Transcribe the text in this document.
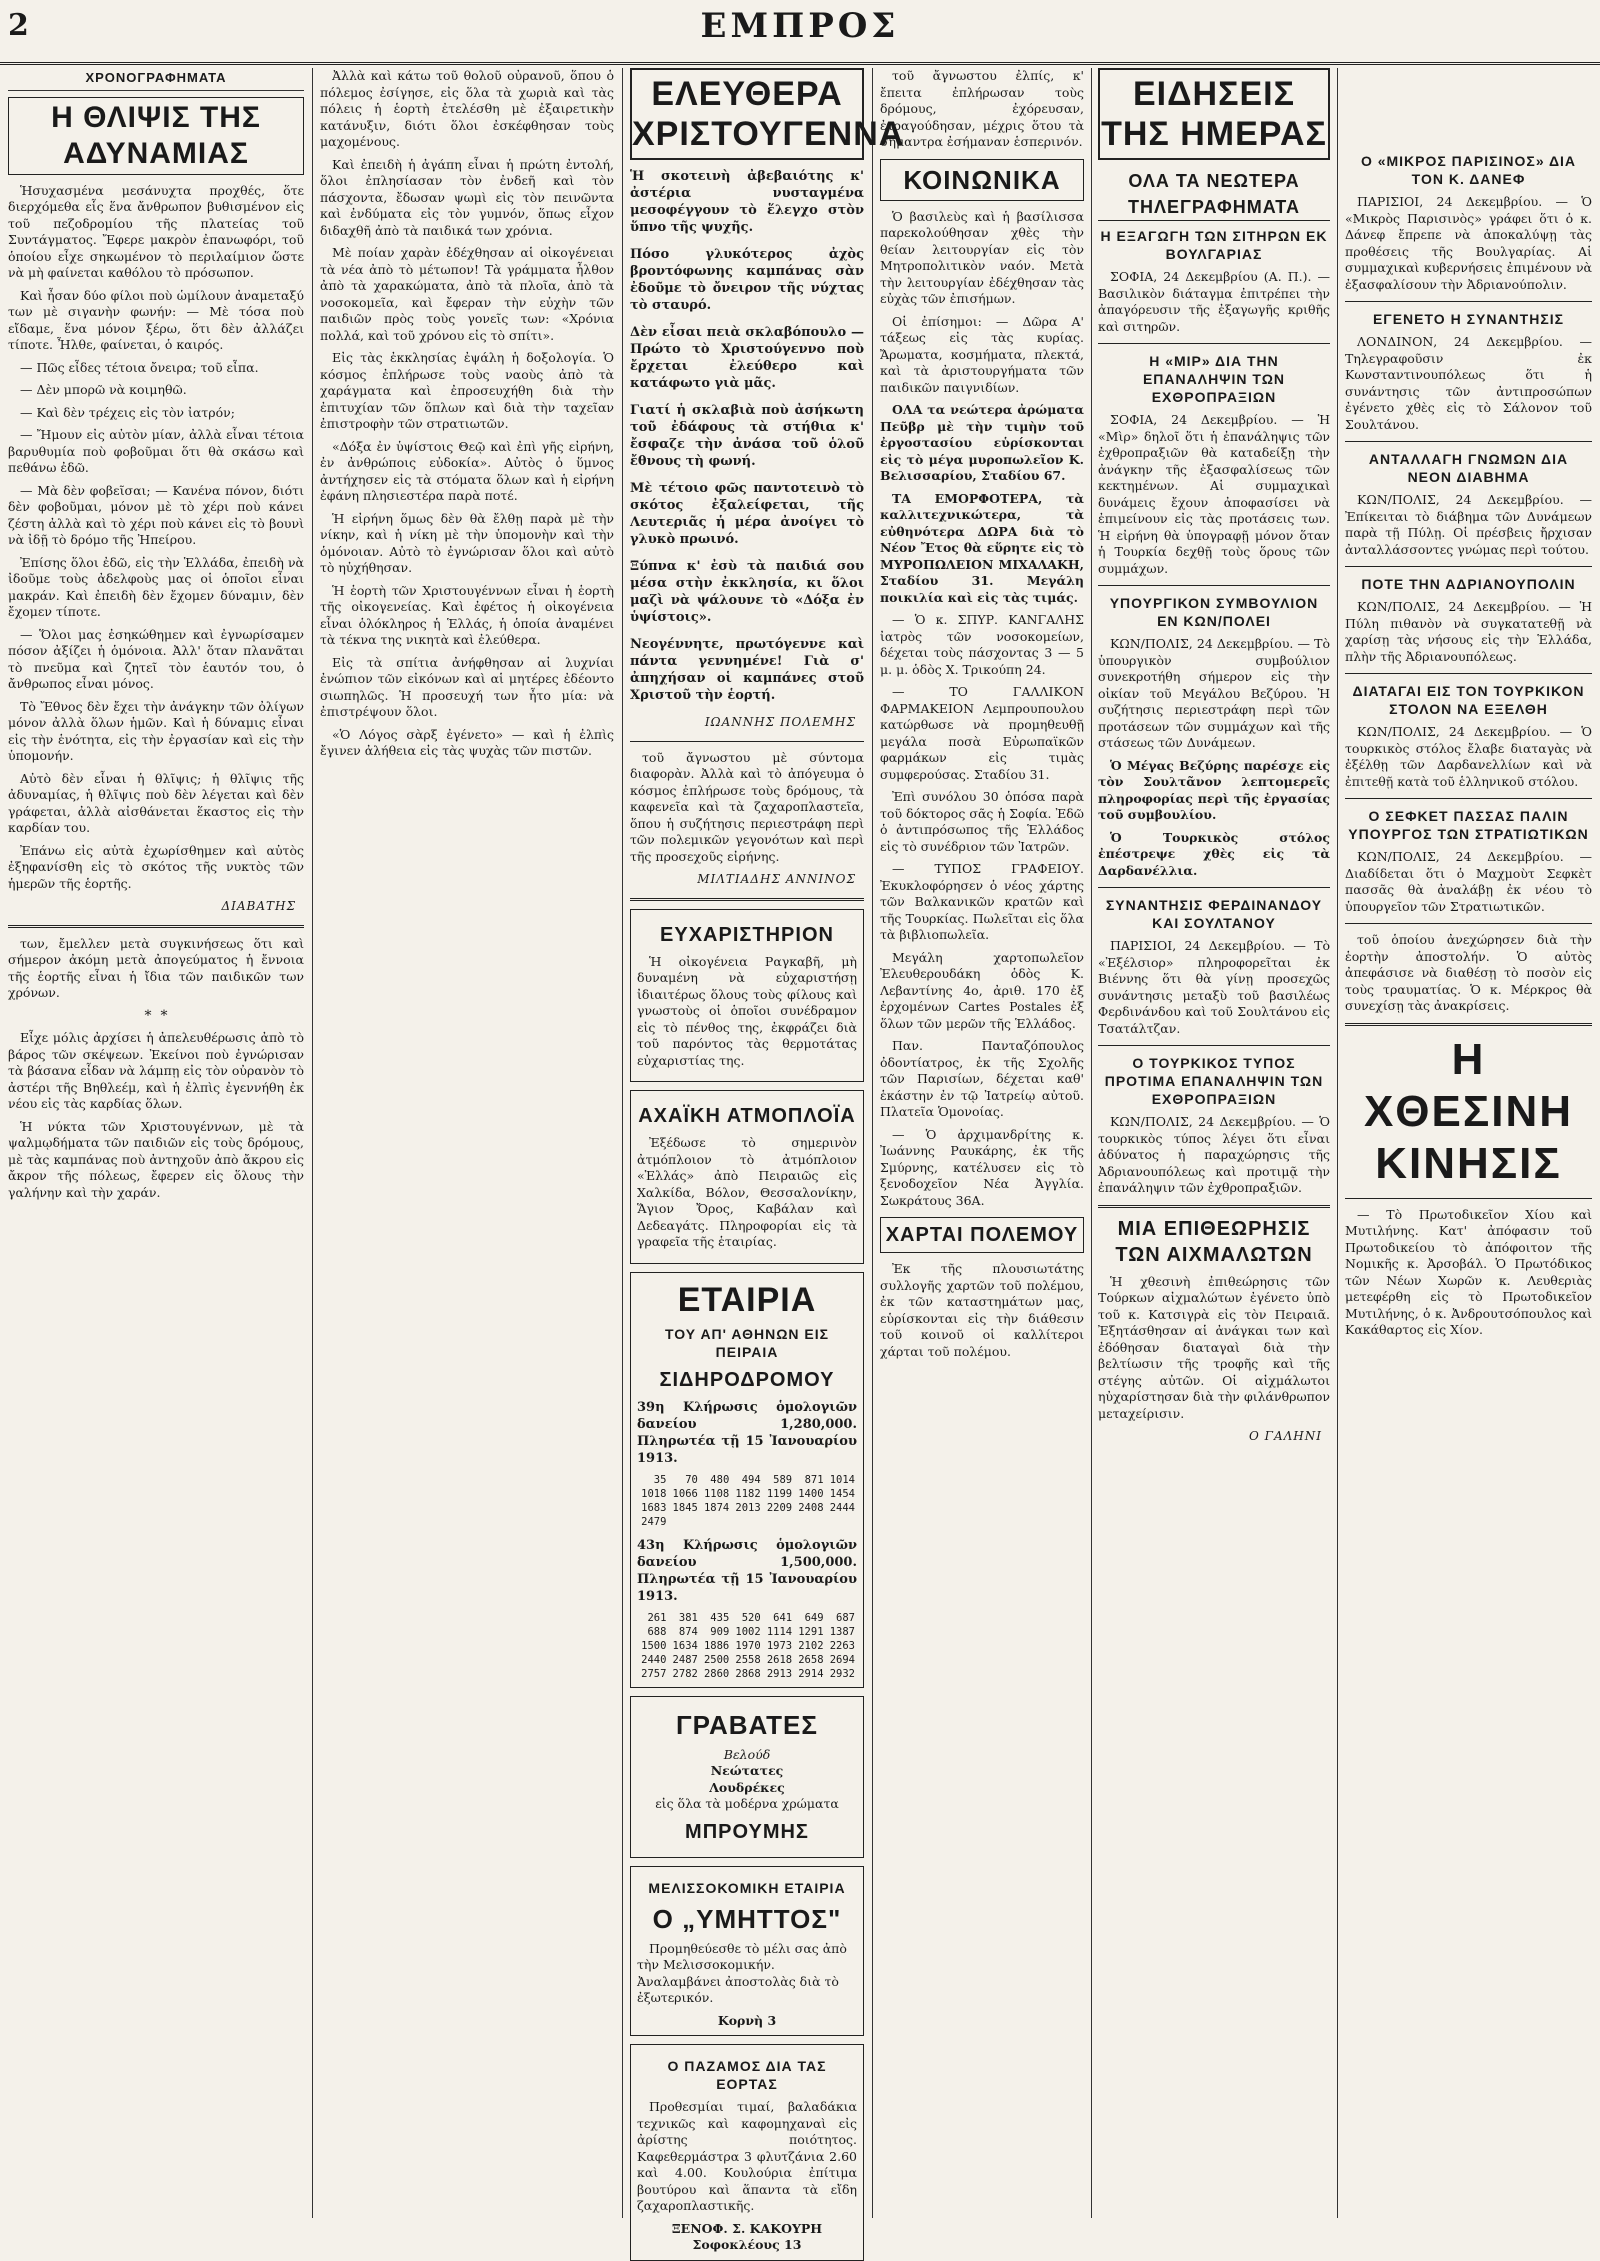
2	ΕΜΠΡΟΣ
ΧΡΟΝΟΓΡΑΦΗΜΑΤΑ
Η ΘΛΙΨΙΣ ΤΗΣ ΑΔΥΝΑΜΙΑΣ

Ἡσυχασμένα μεσάνυχτα προχθές, ὅτε διερχόμεθα εἷς ἕνα ἄνθρωπον βυθισμένον εἰς τοῦ πεζοδρομίου τῆς πλατείας τοῦ Συντάγματος. Ἔφερε μακρὸν ἐπανωφόρι, τοῦ ὁποίου εἶχε σηκωμένον τὸ περιλαίμιον ὥστε νὰ μὴ φαίνεται καθόλου τὸ πρόσωπον.

Καὶ ἦσαν δύο φίλοι ποὺ ὡμίλουν ἀναμεταξύ των μὲ σιγανὴν φωνήν: — Μὲ τόσα ποὺ εἴδαμε, ἕνα μόνον ξέρω, ὅτι δὲν ἀλλάζει τίποτε. Ἦλθε, φαίνεται, ὁ καιρός.

— Πῶς εἶδες τέτοια ὄνειρα; τοῦ εἶπα.

— Δὲν μπορῶ νὰ κοιμηθῶ.

— Καὶ δὲν τρέχεις εἰς τὸν ἰατρόν;

— Ἤμουν εἰς αὐτὸν μίαν, ἀλλὰ εἶναι τέτοια βαρυθυμία ποὺ φοβοῦμαι ὅτι θὰ σκάσω καὶ πεθάνω ἐδῶ.

— Μὰ δὲν φοβεῖσαι; — Κανένα πόνον, διότι δὲν φοβοῦμαι, μόνον μὲ τὸ χέρι ποὺ κάνει ζέστη ἀλλὰ καὶ τὸ χέρι ποὺ κάνει εἰς τὸ βουνὶ νὰ ἰδῇ τὸ δρόμο τῆς Ἠπείρου.

Ἐπίσης ὅλοι ἐδῶ, εἰς τὴν Ἑλλάδα, ἐπειδὴ νὰ ἰδοῦμε τοὺς ἀδελφοὺς μας οἱ ὁποῖοι εἶναι μακράν. Καὶ ἐπειδὴ δὲν ἔχομεν δύναμιν, δὲν ἔχομεν τίποτε.

— Ὅλοι μας ἐσηκώθημεν καὶ ἐγνωρίσαμεν πόσον ἀξίζει ἡ ὁμόνοια. Ἀλλ' ὅταν πλανᾶται τὸ πνεῦμα καὶ ζητεῖ τὸν ἑαυτόν του, ὁ ἄνθρωπος εἶναι μόνος.

Τὸ Ἔθνος δὲν ἔχει τὴν ἀνάγκην τῶν ὀλίγων μόνον ἀλλὰ ὅλων ἡμῶν. Καὶ ἡ δύναμις εἶναι εἰς τὴν ἑνότητα, εἰς τὴν ἐργασίαν καὶ εἰς τὴν ὑπομονήν.

Αὐτὸ δὲν εἶναι ἡ θλῖψις; ἡ θλῖψις τῆς ἀδυναμίας, ἡ θλῖψις ποὺ δὲν λέγεται καὶ δὲν γράφεται, ἀλλὰ αἰσθάνεται ἕκαστος εἰς τὴν καρδίαν του.

Ἐπάνω εἰς αὐτὰ ἐχωρίσθημεν καὶ αὐτὸς ἐξηφανίσθη εἰς τὸ σκότος τῆς νυκτὸς τῶν ἡμερῶν τῆς ἑορτῆς.

ΔΙΑΒΑΤΗΣ

των, ἔμελλεν μετὰ συγκινήσεως ὅτι καὶ σήμερον ἀκόμη μετὰ ἀπογεύματος ἡ ἔννοια τῆς ἑορτῆς εἶναι ἡ ἴδια τῶν παιδικῶν των χρόνων.

*  *

Εἶχε μόλις ἀρχίσει ἡ ἀπελευθέρωσις ἀπὸ τὸ βάρος τῶν σκέψεων. Ἐκείνοι ποὺ ἐγνώρισαν τὰ βάσανα εἶδαν νὰ λάμπῃ εἰς τὸν οὐρανὸν τὸ ἀστέρι τῆς Βηθλεέμ, καὶ ἡ ἐλπὶς ἐγεννήθη ἐκ νέου εἰς τὰς καρδίας ὅλων.

Ἡ νύκτα τῶν Χριστουγέννων, μὲ τὰ ψαλμῳδήματα τῶν παιδιῶν εἰς τοὺς δρόμους, μὲ τὰς καμπάνας ποὺ ἀντηχοῦν ἀπὸ ἄκρου εἰς ἄκρον τῆς πόλεως, ἔφερεν εἰς ὅλους τὴν γαλήνην καὶ τὴν χαράν.

Ἀλλὰ καὶ κάτω τοῦ θολοῦ οὐρανοῦ, ὅπου ὁ πόλεμος ἐσίγησε, εἰς ὅλα τὰ χωριὰ καὶ τὰς πόλεις ἡ ἑορτὴ ἐτελέσθη μὲ ἐξαιρετικὴν κατάνυξιν, διότι ὅλοι ἐσκέφθησαν τοὺς μαχομένους.

Καὶ ἐπειδὴ ἡ ἀγάπη εἶναι ἡ πρώτη ἐντολή, ὅλοι ἐπλησίασαν τὸν ἐνδεῆ καὶ τὸν πάσχοντα, ἔδωσαν ψωμὶ εἰς τὸν πεινῶντα καὶ ἐνδύματα εἰς τὸν γυμνόν, ὅπως εἶχον διδαχθῆ ἀπὸ τὰ παιδικά των χρόνια.

Μὲ ποίαν χαρὰν ἐδέχθησαν αἱ οἰκογένειαι τὰ νέα ἀπὸ τὸ μέτωπον! Τὰ γράμματα ἦλθον ἀπὸ τὰ χαρακώματα, ἀπὸ τὰ πλοῖα, ἀπὸ τὰ νοσοκομεῖα, καὶ ἔφεραν τὴν εὐχὴν τῶν παιδιῶν πρὸς τοὺς γονεῖς των: «Χρόνια πολλά, καὶ τοῦ χρόνου εἰς τὸ σπίτι».

Εἰς τὰς ἐκκλησίας ἐψάλη ἡ δοξολογία. Ὁ κόσμος ἐπλήρωσε τοὺς ναοὺς ἀπὸ τὰ χαράγματα καὶ ἐπροσευχήθη διὰ τὴν ἐπιτυχίαν τῶν ὅπλων καὶ διὰ τὴν ταχεῖαν ἐπιστροφὴν τῶν στρατιωτῶν.

«Δόξα ἐν ὑψίστοις Θεῷ καὶ ἐπὶ γῆς εἰρήνη, ἐν ἀνθρώποις εὐδοκία». Αὐτὸς ὁ ὕμνος ἀντήχησεν εἰς τὰ στόματα ὅλων καὶ ἡ εἰρήνη ἐφάνη πλησιεστέρα παρὰ ποτέ.

Ἡ εἰρήνη ὅμως δὲν θὰ ἔλθῃ παρὰ μὲ τὴν νίκην, καὶ ἡ νίκη μὲ τὴν ὑπομονὴν καὶ τὴν ὁμόνοιαν. Αὐτὸ τὸ ἐγνώρισαν ὅλοι καὶ αὐτὸ τὸ ηὐχήθησαν.

Ἡ ἑορτὴ τῶν Χριστουγέννων εἶναι ἡ ἑορτὴ τῆς οἰκογενείας. Καὶ ἐφέτος ἡ οἰκογένεια εἶναι ὁλόκληρος ἡ Ἑλλάς, ἡ ὁποία ἀναμένει τὰ τέκνα της νικητὰ καὶ ἐλεύθερα.

Εἰς τὰ σπίτια ἀνήφθησαν αἱ λυχνίαι ἐνώπιον τῶν εἰκόνων καὶ αἱ μητέρες ἐδέοντο σιωπηλῶς. Ἡ προσευχή των ἦτο μία: νὰ ἐπιστρέψουν ὅλοι.

«Ὁ Λόγος σὰρξ ἐγένετο» — καὶ ἡ ἐλπὶς ἔγινεν ἀλήθεια εἰς τὰς ψυχὰς τῶν πιστῶν.

ΕΛΕΥΘΕΡΑ ΧΡΙΣΤΟΥΓΕΝΝΑ

Ἡ σκοτεινὴ ἀβεβαιότης κ' ἀστέρια νυσταγμένα μεσοφέγγουν τὸ ἕλεγχο στὸν ὕπνο τῆς ψυχῆς.

Πόσο γλυκότερος ἀχὸς βροντόφωνης καμπάνας σὰν ἐδοῦμε τὸ ὄνειρον τῆς νύχτας τὸ σταυρό.

Δὲν εἶσαι πειὰ σκλαβόπουλο — Πρώτο τὸ Χριστούγεννο ποὺ ἔρχεται ἐλεύθερο καὶ κατάφωτο γιὰ μᾶς.

Γιατί ἡ σκλαβιὰ ποὺ ἀσήκωτη τοῦ ἐδάφους τὰ στήθια κ' ἔσφαζε τὴν ἀνάσα τοῦ ὁλοῦ ἔθνους τὴ φωνή.

Μὲ τέτοιο φῶς παντοτεινὸ τὸ σκότος ἐξαλείφεται, τῆς Λευτεριᾶς ἡ μέρα ἀνοίγει τὸ γλυκὸ πρωινό.

Ξύπνα κ' ἐσὺ τὰ παιδιά σου μέσα στὴν ἐκκλησία, κι ὅλοι μαζὶ νὰ ψάλουνε τὸ «Δόξα ἐν ὑψίστοις».

Νεογέννητε, πρωτόγεννε καὶ πάντα γεννημένε! Γιὰ σ' ἀπηχήσαν οἱ καμπάνες στοῦ Χριστοῦ τὴν ἑορτή.

ΙΩΑΝΝΗΣ ΠΟΛΕΜΗΣ

τοῦ ἄγνωστου μὲ σύντομα διαφορὰν. Ἀλλὰ καὶ τὸ ἀπόγευμα ὁ κόσμος ἐπλήρωσε τοὺς δρόμους, τὰ καφενεῖα καὶ τὰ ζαχαροπλαστεῖα, ὅπου ἡ συζήτησις περιεστράφη περὶ τῶν πολεμικῶν γεγονότων καὶ περὶ τῆς προσεχοῦς εἰρήνης.

ΜΙΛΤΙΑΔΗΣ ΑΝΝΙΝΟΣ
ΕΥΧΑΡΙΣΤΗΡΙΟΝ

Ἡ οἰκογένεια Ραγκαβῆ, μὴ δυναμένη νὰ εὐχαριστήσῃ ἰδιαιτέρως ὅλους τοὺς φίλους καὶ γνωστοὺς οἱ ὁποῖοι συνέδραμον εἰς τὸ πένθος της, ἐκφράζει διὰ τοῦ παρόντος τὰς θερμοτάτας εὐχαριστίας της.

ΑΧΑΪΚΗ ΑΤΜΟΠΛΟΪΑ

Ἐξέδωσε τὸ σημερινὸν ἀτμόπλοιον τὸ ἀτμόπλοιον «Ἑλλάς» ἀπὸ Πειραιῶς εἰς Χαλκίδα, Βόλον, Θεσσαλονίκην, Ἅγιον Ὄρος, Καβάλαν καὶ Δεδεαγάτς. Πληροφορίαι εἰς τὰ γραφεῖα τῆς ἑταιρίας.

ΕΤΑΙΡΙΑ
ΤΟΥ ΑΠ' ΑΘΗΝΩΝ ΕΙΣ ΠΕΙΡΑΙΑ
ΣΙΔΗΡΟΔΡΟΜΟΥ
39η Κλήρωσις ὁμολογιῶν δανείου 1,280,000. Πληρωτέα τῇ 15 Ἰανουαρίου 1913.
35	70	480	494	589	871	1014
1018	1066	1108	1182	1199	1400	1454
1683	1845	1874	2013	2209	2408	2444
2479						
43η Κλήρωσις ὁμολογιῶν δανείου 1,500,000. Πληρωτέα τῇ 15 Ἰανουαρίου 1913.
261	381	435	520	641	649	687
688	874	909	1002	1114	1291	1387
1500	1634	1886	1970	1973	2102	2263
2440	2487	2500	2558	2618	2658	2694
2757	2782	2860	2868	2913	2914	2932
ΓΡΑΒΑΤΕΣ
Βελούδ
Νεώτατες
Λουδρέκες
εἰς ὅλα τὰ μοδέρνα χρώματα
ΜΠΡΟΥΜΗΣ
ΜΕΛΙΣΣΟΚΟΜΙΚΗ ΕΤΑΙΡΙΑ
Ο „ΥΜΗΤΤΟΣ"

Προμηθεύεσθε τὸ μέλι σας ἀπὸ τὴν Μελισσοκομικήν. Ἀναλαμβάνει ἀποστολὰς διὰ τὸ ἐξωτερικόν.

Κορνὴ 3
Ο ΠΑΖΑΜΟΣ ΔΙΑ ΤΑΣ ΕΟΡΤΑΣ

Προθεσμίαι τιμαί, βαλαδάκια τεχνικῶς καὶ καφομηχαναὶ εἰς ἀρίστης ποιότητος. Καφεθερμάστρα 3 φλυτζάνια 2.60 καὶ 4.00. Κουλούρια ἐπίτιμα βουτύρου καὶ ἅπαντα τὰ εἴδη ζαχαροπλαστικῆς.

ΞΕΝΟΦ. Σ. ΚΑΚΟΥΡΗ
Σοφοκλέους 13

τοῦ ἄγνωστου ἐλπίς, κ' ἔπειτα ἐπλήρωσαν τοὺς δρόμους, ἐχόρευσαν, ἐτραγούδησαν, μέχρις ὅτου τὰ σήμαντρα ἐσήμαναν ἑσπερινόν.

ΚΟΙΝΩΝΙΚΑ

Ὁ βασιλεὺς καὶ ἡ βασίλισσα παρεκολούθησαν χθὲς τὴν θείαν λειτουργίαν εἰς τὸν Μητροπολιτικὸν ναόν. Μετὰ τὴν λειτουργίαν ἐδέχθησαν τὰς εὐχὰς τῶν ἐπισήμων.

Οἱ ἐπίσημοι: — Δῶρα Α' τάξεως εἰς τὰς κυρίας. Ἄρωματα, κοσμήματα, πλεκτά, καὶ τὰ ἀριστουργήματα τῶν παιδικῶν παιγνιδίων.

ΟΛΑ τα νεώτερα ἀρώματα Πεῦβρ μὲ τὴν τιμὴν τοῦ ἐργοστασίου εὑρίσκονται εἰς τὸ μέγα μυροπωλεῖον Κ. Βελισσαρίου, Σταδίου 67.

ΤΑ ΕΜΟΡΦΟΤΕΡΑ, τὰ καλλιτεχνικώτερα, τὰ εὐθηνότερα ΔΩΡΑ διὰ τὸ Νέον Ἔτος θὰ εὕρητε εἰς τὸ ΜΥΡΟΠΩΛΕΙΟΝ ΜΙΧΑΛΑΚΗ, Σταδίου 31. Μεγάλη ποικιλία καὶ εἰς τὰς τιμάς.

— Ὁ κ. ΣΠΥΡ. ΚΑΝΓΑΛΗΣ ἰατρὸς τῶν νοσοκομείων, δέχεται τοὺς πάσχοντας 3 — 5 μ. μ. ὁδὸς Χ. Τρικούπη 24.

— ΤΟ ΓΑΛΛΙΚΟΝ ΦΑΡΜΑΚΕΙΟΝ Λεμπρουπουλου κατώρθωσε νὰ προμηθευθῇ μεγάλα ποσὰ Εὐρωπαϊκῶν φαρμάκων εἰς τιμὰς συμφερούσας. Σταδίου 31.

Ἐπὶ συνόλου 30 ὁπόσα παρὰ τοῦ δόκτορος σᾶς ἡ Σοφία. Ἐδῶ ὁ ἀντιπρόσωπος τῆς Ἑλλάδος εἰς τὸ συνέδριον τῶν Ἰατρῶν.

— ΤΥΠΟΣ ΓΡΑΦΕΙΟΥ. Ἐκυκλοφόρησεν ὁ νέος χάρτης τῶν Βαλκανικῶν κρατῶν καὶ τῆς Τουρκίας. Πωλεῖται εἰς ὅλα τὰ βιβλιοπωλεῖα.

Μεγάλη χαρτοπωλεῖον Ἐλευθερουδάκη ὁδὸς Κ. Λεβαντίνης 4ο, ἀριθ. 170 ἐξ ἐρχομένων Cartes Postales ἐξ ὅλων τῶν μερῶν τῆς Ἑλλάδος.

Παν. Πανταζόπουλος ὀδοντίατρος, ἐκ τῆς Σχολῆς τῶν Παρισίων, δέχεται καθ' ἑκάστην ἐν τῷ Ἰατρείῳ αὐτοῦ. Πλατεῖα Ὁμονοίας.

— Ὁ ἀρχιμανδρίτης κ. Ἰωάννης Ραυκάρης, ἐκ τῆς Σμύρνης, κατέλυσεν εἰς τὸ ξενοδοχεῖον Νέα Ἀγγλία. Σωκράτους 36Α.

ΧΑΡΤΑΙ ΠΟΛΕΜΟΥ

Ἐκ τῆς πλουσιωτάτης συλλογῆς χαρτῶν τοῦ πολέμου, ἐκ τῶν καταστημάτων μας, εὑρίσκονται εἰς τὴν διάθεσιν τοῦ κοινοῦ οἱ καλλίτεροι χάρται τοῦ πολέμου.

ΕΙΔΗΣΕΙΣ ΤΗΣ ΗΜΕΡΑΣ
ΟΛΑ ΤΑ ΝΕΩΤΕΡΑ ΤΗΛΕΓΡΑΦΗΜΑΤΑ
Η ΕΞΑΓΩΓΗ ΤΩΝ ΣΙΤΗΡΩΝ ΕΚ ΒΟΥΛΓΑΡΙΑΣ

ΣΟΦΙΑ, 24 Δεκεμβρίου (Α. Π.). — Βασιλικὸν διάταγμα ἐπιτρέπει τὴν ἀπαγόρευσιν τῆς ἐξαγωγῆς κριθῆς καὶ σιτηρῶν.

Η «ΜΙΡ» ΔΙΑ ΤΗΝ ΕΠΑΝΑΛΗΨΙΝ ΤΩΝ ΕΧΘΡΟΠΡΑΞΙΩΝ

ΣΟΦΙΑ, 24 Δεκεμβρίου. — Ἡ «Μὶρ» δηλοῖ ὅτι ἡ ἐπανάληψις τῶν ἐχθροπραξιῶν θὰ καταδείξῃ τὴν ἀνάγκην τῆς ἐξασφαλίσεως τῶν κεκτημένων. Αἱ συμμαχικαὶ δυνάμεις ἔχουν ἀποφασίσει νὰ ἐπιμείνουν εἰς τὰς προτάσεις των. Ἡ εἰρήνη θὰ ὑπογραφῇ μόνον ὅταν ἡ Τουρκία δεχθῇ τοὺς ὅρους τῶν συμμάχων.

ΥΠΟΥΡΓΙΚΟΝ ΣΥΜΒΟΥΛΙΟΝ ΕΝ ΚΩΝ/ΠΟΛΕΙ

ΚΩΝ/ΠΟΛΙΣ, 24 Δεκεμβρίου. — Τὸ ὑπουργικὸν συμβούλιον συνεκροτήθη σήμερον εἰς τὴν οἰκίαν τοῦ Μεγάλου Βεζύρου. Ἡ συζήτησις περιεστράφη περὶ τῶν προτάσεων τῶν συμμάχων καὶ τῆς στάσεως τῶν Δυνάμεων.

Ὁ Μέγας Βεζύρης παρέσχε εἰς τὸν Σουλτᾶνον λεπτομερεῖς πληροφορίας περὶ τῆς ἐργασίας τοῦ συμβουλίου.

Ὁ Τουρκικὸς στόλος ἐπέστρεψε χθὲς εἰς τὰ Δαρδανέλλια.

ΣΥΝΑΝΤΗΣΙΣ ΦΕΡΔΙΝΑΝΔΟΥ ΚΑΙ ΣΟΥΛΤΑΝΟΥ

ΠΑΡΙΣΙΟΙ, 24 Δεκεμβρίου. — Τὸ «Ἐξέλσιορ» πληροφορεῖται ἐκ Βιέννης ὅτι θὰ γίνῃ προσεχῶς συνάντησις μεταξὺ τοῦ βασιλέως Φερδινάνδου καὶ τοῦ Σουλτάνου εἰς Τσατάλτζαν.

Ο ΤΟΥΡΚΙΚΟΣ ΤΥΠΟΣ ΠΡΟΤΙΜΑ ΕΠΑΝΑΛΗΨΙΝ ΤΩΝ ΕΧΘΡΟΠΡΑΞΙΩΝ

ΚΩΝ/ΠΟΛΙΣ, 24 Δεκεμβρίου. — Ὁ τουρκικὸς τύπος λέγει ὅτι εἶναι ἀδύνατος ἡ παραχώρησις τῆς Ἀδριανουπόλεως καὶ προτιμᾷ τὴν ἐπανάληψιν τῶν ἐχθροπραξιῶν.

ΜΙΑ ΕΠΙΘΕΩΡΗΣΙΣ ΤΩΝ ΑΙΧΜΑΛΩΤΩΝ

Ἡ χθεσινὴ ἐπιθεώρησις τῶν Τούρκων αἰχμαλώτων ἐγένετο ὑπὸ τοῦ κ. Κατσιγρὰ εἰς τὸν Πειραιᾶ. Ἐξητάσθησαν αἱ ἀνάγκαι των καὶ ἐδόθησαν διαταγαὶ διὰ τὴν βελτίωσιν τῆς τροφῆς καὶ τῆς στέγης αὐτῶν. Οἱ αἰχμάλωτοι ηὐχαρίστησαν διὰ τὴν φιλάνθρωπον μεταχείρισιν.

Ο ΓΑΛΗΝΙ
Ο «ΜΙΚΡΟΣ ΠΑΡΙΣΙΝΟΣ» ΔΙΑ ΤΟΝ Κ. ΔΑΝΕΦ

ΠΑΡΙΣΙΟΙ, 24 Δεκεμβρίου. — Ὁ «Μικρὸς Παρισινὸς» γράφει ὅτι ὁ κ. Δάνεφ ἔπρεπε νὰ ἀποκαλύψῃ τὰς προθέσεις τῆς Βουλγαρίας. Αἱ συμμαχικαὶ κυβερνήσεις ἐπιμένουν νὰ ἐξασφαλίσουν τὴν Ἀδριανούπολιν.

ΕΓΕΝΕΤΟ Η ΣΥΝΑΝΤΗΣΙΣ

ΛΟΝΔΙΝΟΝ, 24 Δεκεμβρίου. — Τηλεγραφοῦσιν ἐκ Κωνσταντινουπόλεως ὅτι ἡ συνάντησις τῶν ἀντιπροσώπων ἐγένετο χθὲς εἰς τὸ Σάλονον τοῦ Σουλτάνου.

ΑΝΤΑΛΛΑΓΗ ΓΝΩΜΩΝ ΔΙΑ ΝΕΟΝ ΔΙΑΒΗΜΑ

ΚΩΝ/ΠΟΛΙΣ, 24 Δεκεμβρίου. — Ἐπίκειται τὸ διάβημα τῶν Δυνάμεων παρὰ τῇ Πύλῃ. Οἱ πρέσβεις ἤρχισαν ἀνταλλάσσοντες γνώμας περὶ τούτου.

ΠΟΤΕ ΤΗΝ ΑΔΡΙΑΝΟΥΠΟΛΙΝ

ΚΩΝ/ΠΟΛΙΣ, 24 Δεκεμβρίου. — Ἡ Πύλη πιθανὸν νὰ συγκατατεθῇ νὰ χαρίσῃ τὰς νήσους εἰς τὴν Ἑλλάδα, πλὴν τῆς Ἀδριανουπόλεως.

ΔΙΑΤΑΓΑΙ ΕΙΣ ΤΟΝ ΤΟΥΡΚΙΚΟΝ ΣΤΟΛΟΝ ΝΑ ΕΞΕΛΘΗ

ΚΩΝ/ΠΟΛΙΣ, 24 Δεκεμβρίου. — Ὁ τουρκικὸς στόλος ἔλαβε διαταγὰς νὰ ἐξέλθῃ τῶν Δαρδανελλίων καὶ νὰ ἐπιτεθῇ κατὰ τοῦ ἑλληνικοῦ στόλου.

Ο ΣΕΦΚΕΤ ΠΑΣΣΑΣ ΠΑΛΙΝ ΥΠΟΥΡΓΟΣ ΤΩΝ ΣΤΡΑΤΙΩΤΙΚΩΝ

ΚΩΝ/ΠΟΛΙΣ, 24 Δεκεμβρίου. — Διαδίδεται ὅτι ὁ Μαχμοὺτ Σεφκὲτ πασσᾶς θὰ ἀναλάβῃ ἐκ νέου τὸ ὑπουργεῖον τῶν Στρατιωτικῶν.

τοῦ ὁποίου ἀνεχώρησεν διὰ τὴν ἑορτὴν ἀποστολήν. Ὁ αὐτὸς ἀπεφάσισε νὰ διαθέσῃ τὸ ποσὸν εἰς τοὺς τραυματίας. Ὁ κ. Μέρκρος θὰ συνεχίσῃ τὰς ἀνακρίσεις.

Η ΧΘΕΣΙΝΗ ΚΙΝΗΣΙΣ

— Τὸ Πρωτοδικεῖον Χίου καὶ Μυτιλήνης. Κατ' ἀπόφασιν τοῦ Πρωτοδικείου τὸ ἀπόφοιτον τῆς Νομικῆς κ. Ἀρσοβάλ. Ὁ Πρωτόδικος τῶν Νέων Χωρῶν κ. Λευθεριὰς μετεφέρθη εἰς τὸ Πρωτοδικεῖον Μυτιλήνης, ὁ κ. Ἀνδρουτσόπουλος καὶ Κακάθαρτος εἰς Χίον.
